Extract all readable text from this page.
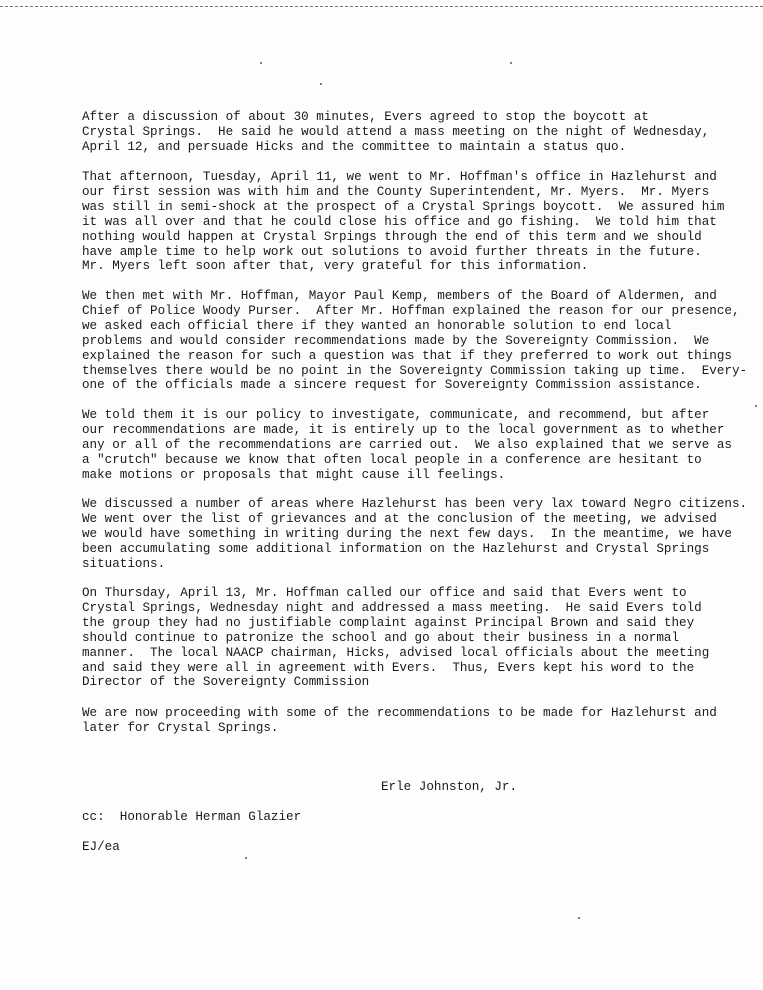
After a discussion of about 30 minutes, Evers agreed to stop the boycott at
Crystal Springs.  He said he would attend a mass meeting on the night of Wednesday,
April 12, and persuade Hicks and the committee to maintain a status quo.
That afternoon, Tuesday, April 11, we went to Mr. Hoffman's office in Hazlehurst and
our first session was with him and the County Superintendent, Mr. Myers.  Mr. Myers
was still in semi-shock at the prospect of a Crystal Springs boycott.  We assured him
it was all over and that he could close his office and go fishing.  We told him that
nothing would happen at Crystal Srpings through the end of this term and we should
have ample time to help work out solutions to avoid further threats in the future.
Mr. Myers left soon after that, very grateful for this information.
We then met with Mr. Hoffman, Mayor Paul Kemp, members of the Board of Aldermen, and
Chief of Police Woody Purser.  After Mr. Hoffman explained the reason for our presence,
we asked each official there if they wanted an honorable solution to end local
problems and would consider recommendations made by the Sovereignty Commission.  We
explained the reason for such a question was that if they preferred to work out things
themselves there would be no point in the Sovereignty Commission taking up time.  Every-
one of the officials made a sincere request for Sovereignty Commission assistance.
We told them it is our policy to investigate, communicate, and recommend, but after
our recommendations are made, it is entirely up to the local government as to whether
any or all of the recommendations are carried out.  We also explained that we serve as
a "crutch" because we know that often local people in a conference are hesitant to
make motions or proposals that might cause ill feelings.
We discussed a number of areas where Hazlehurst has been very lax toward Negro citizens.
We went over the list of grievances and at the conclusion of the meeting, we advised
we would have something in writing during the next few days.  In the meantime, we have
been accumulating some additional information on the Hazlehurst and Crystal Springs
situations.
On Thursday, April 13, Mr. Hoffman called our office and said that Evers went to
Crystal Springs, Wednesday night and addressed a mass meeting.  He said Evers told
the group they had no justifiable complaint against Principal Brown and said they
should continue to patronize the school and go about their business in a normal
manner.  The local NAACP chairman, Hicks, advised local officials about the meeting
and said they were all in agreement with Evers.  Thus, Evers kept his word to the
Director of the Sovereignty Commission
We are now proceeding with some of the recommendations to be made for Hazlehurst and
later for Crystal Springs.
Erle Johnston, Jr.
cc:  Honorable Herman Glazier
EJ/ea
